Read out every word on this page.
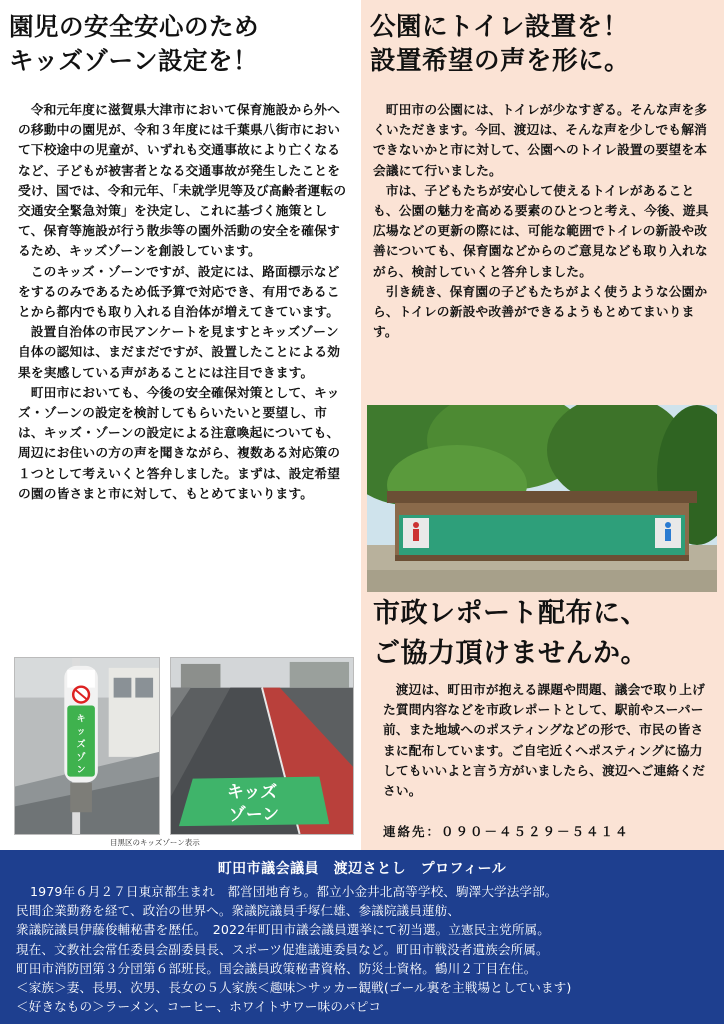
園児の安全安心のため
キッズゾーン設定を！

令和元年度に滋賀県大津市において保育施設から外への移動中の園児が、令和３年度には千葉県八街市において下校途中の児童が、いずれも交通事故により亡くなるなど、子どもが被害者となる交通事故が発生したことを受け、国では、令和元年、「未就学児等及び高齢者運転の交通安全緊急対策」を決定し、これに基づく施策として、保育等施設が行う散歩等の園外活動の安全を確保するため、キッズゾーンを創設しています。

このキッズ・ゾーンですが、設定には、路面標示などをするのみであるため低予算で対応でき、有用であることから都内でも取り入れる自治体が増えてきています。

設置自治体の市民アンケートを見ますとキッズゾーン自体の認知は、まだまだですが、設置したことによる効果を実感している声があることには注目できます。

町田市においても、今後の安全確保対策として、キッズ・ゾーンの設定を検討してもらいたいと要望し、市は、キッズ・ゾーンの設定による注意喚起についても、周辺にお住いの方の声を聞きながら、複数ある対応策の１つとして考えいくと答弁しました。まずは、設定希望の園の皆さまと市に対して、もとめてまいります。

キ
ッ
ズ
ゾ
ン
キッズ
ゾーン
目黒区のキッズゾーン表示
公園にトイレ設置を！
設置希望の声を形に。

町田市の公園には、トイレが少なすぎる。そんな声を多くいただきます。今回、渡辺は、そんな声を少しでも解消できないかと市に対して、公園へのトイレ設置の要望を本会議にて行いました。

市は、子どもたちが安心して使えるトイレがあることも、公園の魅力を高める要素のひとつと考え、今後、遊具広場などの更新の際には、可能な範囲でトイレの新設や改善についても、保育園などからのご意見なども取り入れながら、検討していくと答弁しました。

引き続き、保育園の子どもたちがよく使うような公園から、トイレの新設や改善ができるようもとめてまいります。

市政レポート配布に、
ご協力頂けませんか。

渡辺は、町田市が抱える課題や問題、議会で取り上げた質問内容などを市政レポートとして、駅前やスーパー前、また地域へのポスティングなどの形で、市民の皆さまに配布しています。ご自宅近くへポスティングに協力してもいいよと言う方がいましたら、渡辺へご連絡ください。

連絡先：０９０－４５２９－５４１４
町田市議会議員　渡辺さとし　プロフィール
1979年６月２７日東京都生まれ　都営団地育ち。都立小金井北高等学校、駒澤大学法学部。
民間企業勤務を経て、政治の世界へ。衆議院議員手塚仁雄、参議院議員蓮舫、
衆議院議員伊藤俊輔秘書を歴任。　2022年町田市議会議員選挙にて初当選。立憲民主党所属。
現在、文教社会常任委員会副委員長、スポーツ促進議連委員など。町田市戦没者遺族会所属。
町田市消防団第３分団第６部班長。国会議員政策秘書資格、防災士資格。鶴川２丁目在住。
＜家族＞妻、長男、次男、長女の５人家族＜趣味＞サッカー観戦(ゴール裏を主戦場としています)
＜好きなもの＞ラーメン、コーヒー、ホワイトサワー味のパピコ
